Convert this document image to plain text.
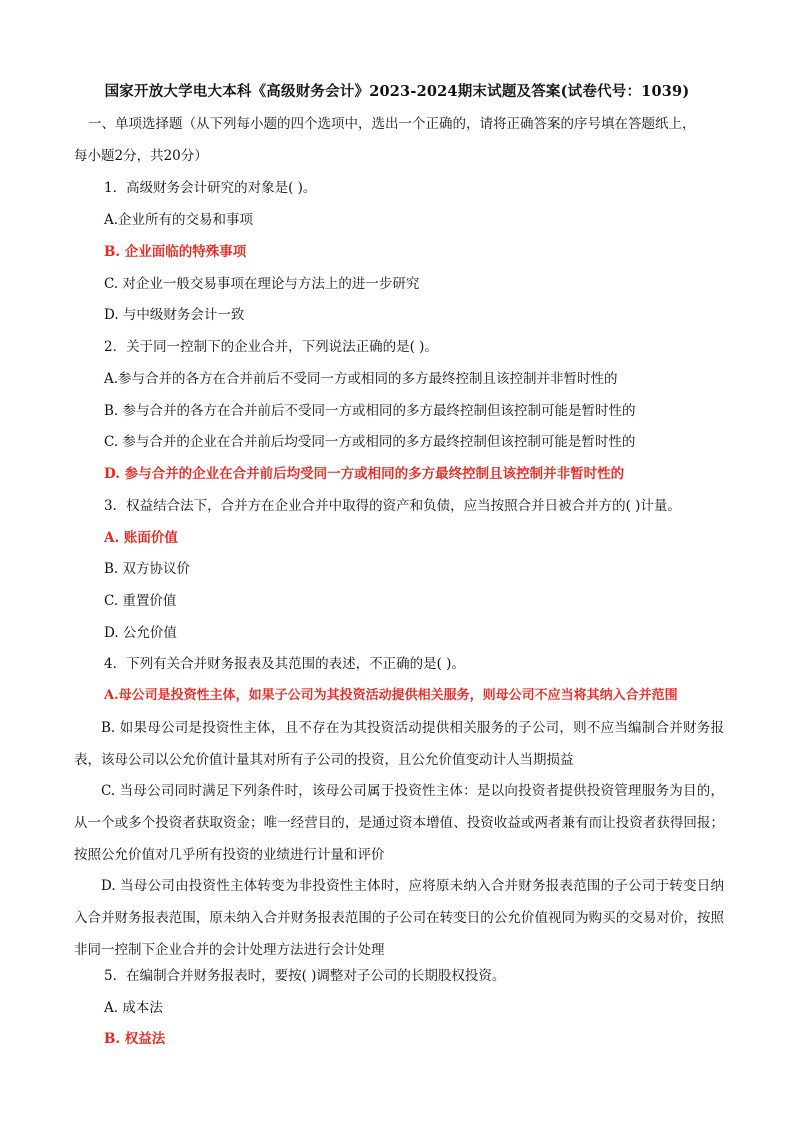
国家开放大学电大本科《高级财务会计》2023-2024期末试题及答案(试卷代号：1039)
一、单项选择题（从下列每小题的四个选项中，选出一个正确的，请将正确答案的序号填在答题纸上，
每小题2分，共20分）
1．高级财务会计研究的对象是( )。
A.企业所有的交易和事项
B. 企业面临的特殊事项
C. 对企业一般交易事项在理论与方法上的进一步研究
D. 与中级财务会计一致
2．关于同一控制下的企业合并，下列说法正确的是( )。
A.参与合并的各方在合并前后不受同一方或相同的多方最终控制且该控制并非暂时性的
B. 参与合并的各方在合并前后不受同一方或相同的多方最终控制但该控制可能是暂时性的
C. 参与合并的企业在合并前后均受同一方或相同的多方最终控制但该控制可能是暂时性的
D. 参与合并的企业在合并前后均受同一方或相同的多方最终控制且该控制并非暂时性的
3．权益结合法下，合并方在企业合并中取得的资产和负债，应当按照合并日被合并方的( )计量。
A. 账面价值
B. 双方协议价
C. 重置价值
D. 公允价值
4．下列有关合并财务报表及其范围的表述，不正确的是( )。
A.母公司是投资性主体，如果子公司为其投资活动提供相关服务，则母公司不应当将其纳入合并范围
B. 如果母公司是投资性主体，且不存在为其投资活动提供相关服务的子公司，则不应当编制合并财务报表，该母公司以公允价值计量其对所有子公司的投资，且公允价值变动计人当期损益
C. 当母公司同时满足下列条件时，该母公司属于投资性主体：是以向投资者提供投资管理服务为目的，从一个或多个投资者获取资金；唯一经营目的，是通过资本增值、投资收益或两者兼有而让投资者获得回报；按照公允价值对几乎所有投资的业绩进行计量和评价
D. 当母公司由投资性主体转变为非投资性主体时，应将原未纳入合并财务报表范围的子公司于转变日纳入合并财务报表范围，原未纳入合并财务报表范围的子公司在转变日的公允价值视同为购买的交易对价，按照非同一控制下企业合并的会计处理方法进行会计处理
5．在编制合并财务报表时，要按( )调整对子公司的长期股权投资。
A. 成本法
B. 权益法
